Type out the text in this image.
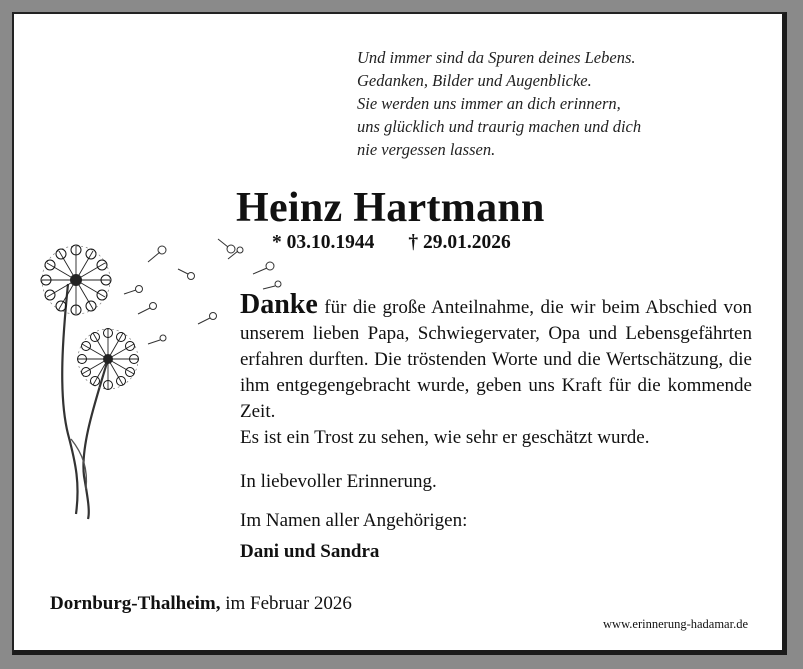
Und immer sind da Spuren deines Lebens.
Gedanken, Bilder und Augenblicke.
Sie werden uns immer an dich erinnern,
uns glücklich und traurig machen und dich
nie vergessen lassen.
Heinz Hartmann
* 03.10.1944 † 29.01.2026
Danke für die große Anteilnahme, die wir beim Abschied von unserem lieben Papa, Schwiegervater, Opa und Lebensgefährten erfahren durften. Die tröstenden Worte und die Wertschätzung, die ihm entgegengebracht wurde, geben uns Kraft für die kommende Zeit.
Es ist ein Trost zu sehen, wie sehr er geschätzt wurde.
In liebevoller Erinnerung.
Im Namen aller Angehörigen:
Dani und Sandra
Dornburg-Thalheim, im Februar 2026
www.erinnerung-hadamar.de
